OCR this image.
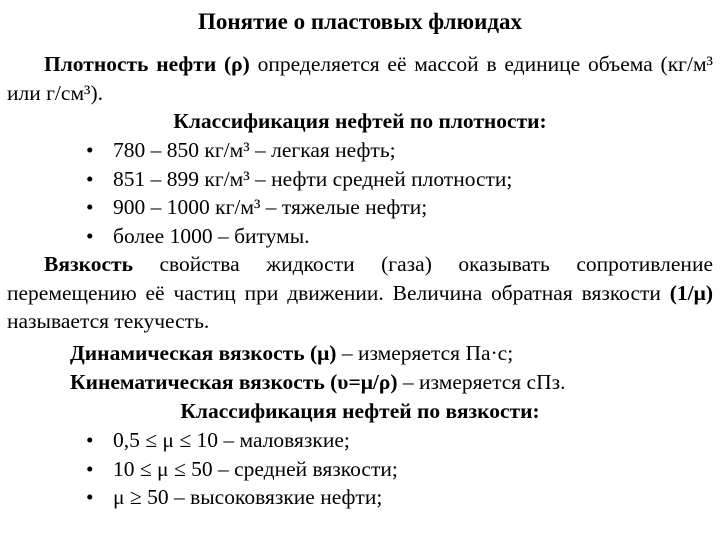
Понятие о пластовых флюидах
Плотность нефти (ρ) определяется её массой в единице объема (кг/м³ или г/см³).
Классификация нефтей по плотности:
• 780 – 850 кг/м³ – легкая нефть;
• 851 – 899 кг/м³ – нефти средней плотности;
• 900 – 1000 кг/м³ – тяжелые нефти;
• более 1000 – битумы.
Вязкость свойства жидкости (газа) оказывать сопротивление перемещению её частиц при движении. Величина обратная вязкости (1/μ) называется текучесть.
Динамическая вязкость (μ) – измеряется Па·с;
Кинематическая вязкость (υ=μ/ρ) – измеряется сПз.
Классификация нефтей по вязкости:
• 0,5 ≤ μ ≤ 10 – маловязкие;
• 10 ≤ μ ≤ 50 – средней вязкости;
• μ ≥ 50 – высоковязкие нефти;
